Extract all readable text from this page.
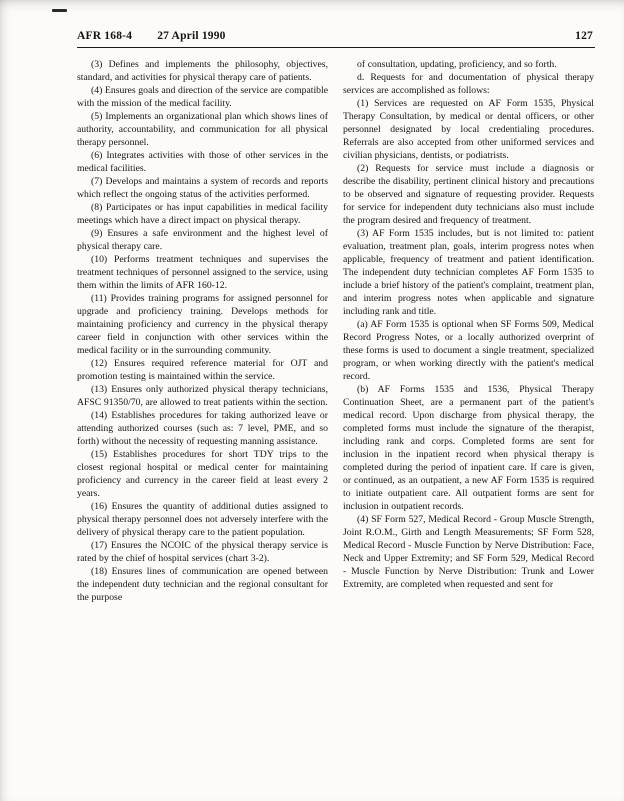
AFR 168-4 27 April 1990	127

(3) Defines and implements the philosophy, objectives, standard, and activities for physical therapy care of patients.

(4) Ensures goals and direction of the service are compatible with the mission of the medical facility.

(5) Implements an organizational plan which shows lines of authority, accountability, and communication for all physical therapy personnel.

(6) Integrates activities with those of other services in the medical facilities.

(7) Develops and maintains a system of records and reports which reflect the ongoing status of the activities performed.

(8) Participates or has input capabilities in medical facility meetings which have a direct impact on physical therapy.

(9) Ensures a safe environment and the highest level of physical therapy care.

(10) Performs treatment techniques and supervises the treatment techniques of personnel assigned to the service, using them within the limits of AFR 160-12.

(11) Provides training programs for assigned personnel for upgrade and proficiency training. Develops methods for maintaining proficiency and currency in the physical therapy career field in conjunction with other services within the medical facility or in the surrounding community.

(12) Ensures required reference material for OJT and promotion testing is maintained within the service.

(13) Ensures only authorized physical therapy technicians, AFSC 91350/70, are allowed to treat patients within the section.

(14) Establishes procedures for taking authorized leave or attending authorized courses (such as: 7 level, PME, and so forth) without the necessity of requesting manning assistance.

(15) Establishes procedures for short TDY trips to the closest regional hospital or medical center for maintaining proficiency and currency in the career field at least every 2 years.

(16) Ensures the quantity of additional duties assigned to physical therapy personnel does not adversely interfere with the delivery of physical therapy care to the patient population.

(17) Ensures the NCOIC of the physical therapy service is rated by the chief of hospital services (chart 3-2).

(18) Ensures lines of communication are opened between the independent duty technician and the regional consultant for the purpose

of consultation, updating, proficiency, and so forth.

d. Requests for and documentation of physical therapy services are accomplished as follows:

(1) Services are requested on AF Form 1535, Physical Therapy Consultation, by medical or dental officers, or other personnel designated by local credentialing procedures. Referrals are also accepted from other uniformed services and civilian physicians, dentists, or podiatrists.

(2) Requests for service must include a diagnosis or describe the disability, pertinent clinical history and precautions to be observed and signature of requesting provider. Requests for service for independent duty technicians also must include the program desired and frequency of treatment.

(3) AF Form 1535 includes, but is not limited to: patient evaluation, treatment plan, goals, interim progress notes when applicable, frequency of treatment and patient identification. The independent duty technician completes AF Form 1535 to include a brief history of the patient's complaint, treatment plan, and interim progress notes when applicable and signature including rank and title.

(a) AF Form 1535 is optional when SF Forms 509, Medical Record Progress Notes, or a locally authorized overprint of these forms is used to document a single treatment, specialized program, or when working directly with the patient's medical record.

(b) AF Forms 1535 and 1536, Physical Therapy Continuation Sheet, are a permanent part of the patient's medical record. Upon discharge from physical therapy, the completed forms must include the signature of the therapist, including rank and corps. Completed forms are sent for inclusion in the inpatient record when physical therapy is completed during the period of inpatient care. If care is given, or continued, as an outpatient, a new AF Form 1535 is required to initiate outpatient care. All outpatient forms are sent for inclusion in outpatient records.

(4) SF Form 527, Medical Record - Group Muscle Strength, Joint R.O.M., Girth and Length Measurements; SF Form 528, Medical Record - Muscle Function by Nerve Distribution: Face, Neck and Upper Extremity; and SF Form 529, Medical Record - Muscle Function by Nerve Distribution: Trunk and Lower Extremity, are completed when requested and sent for
